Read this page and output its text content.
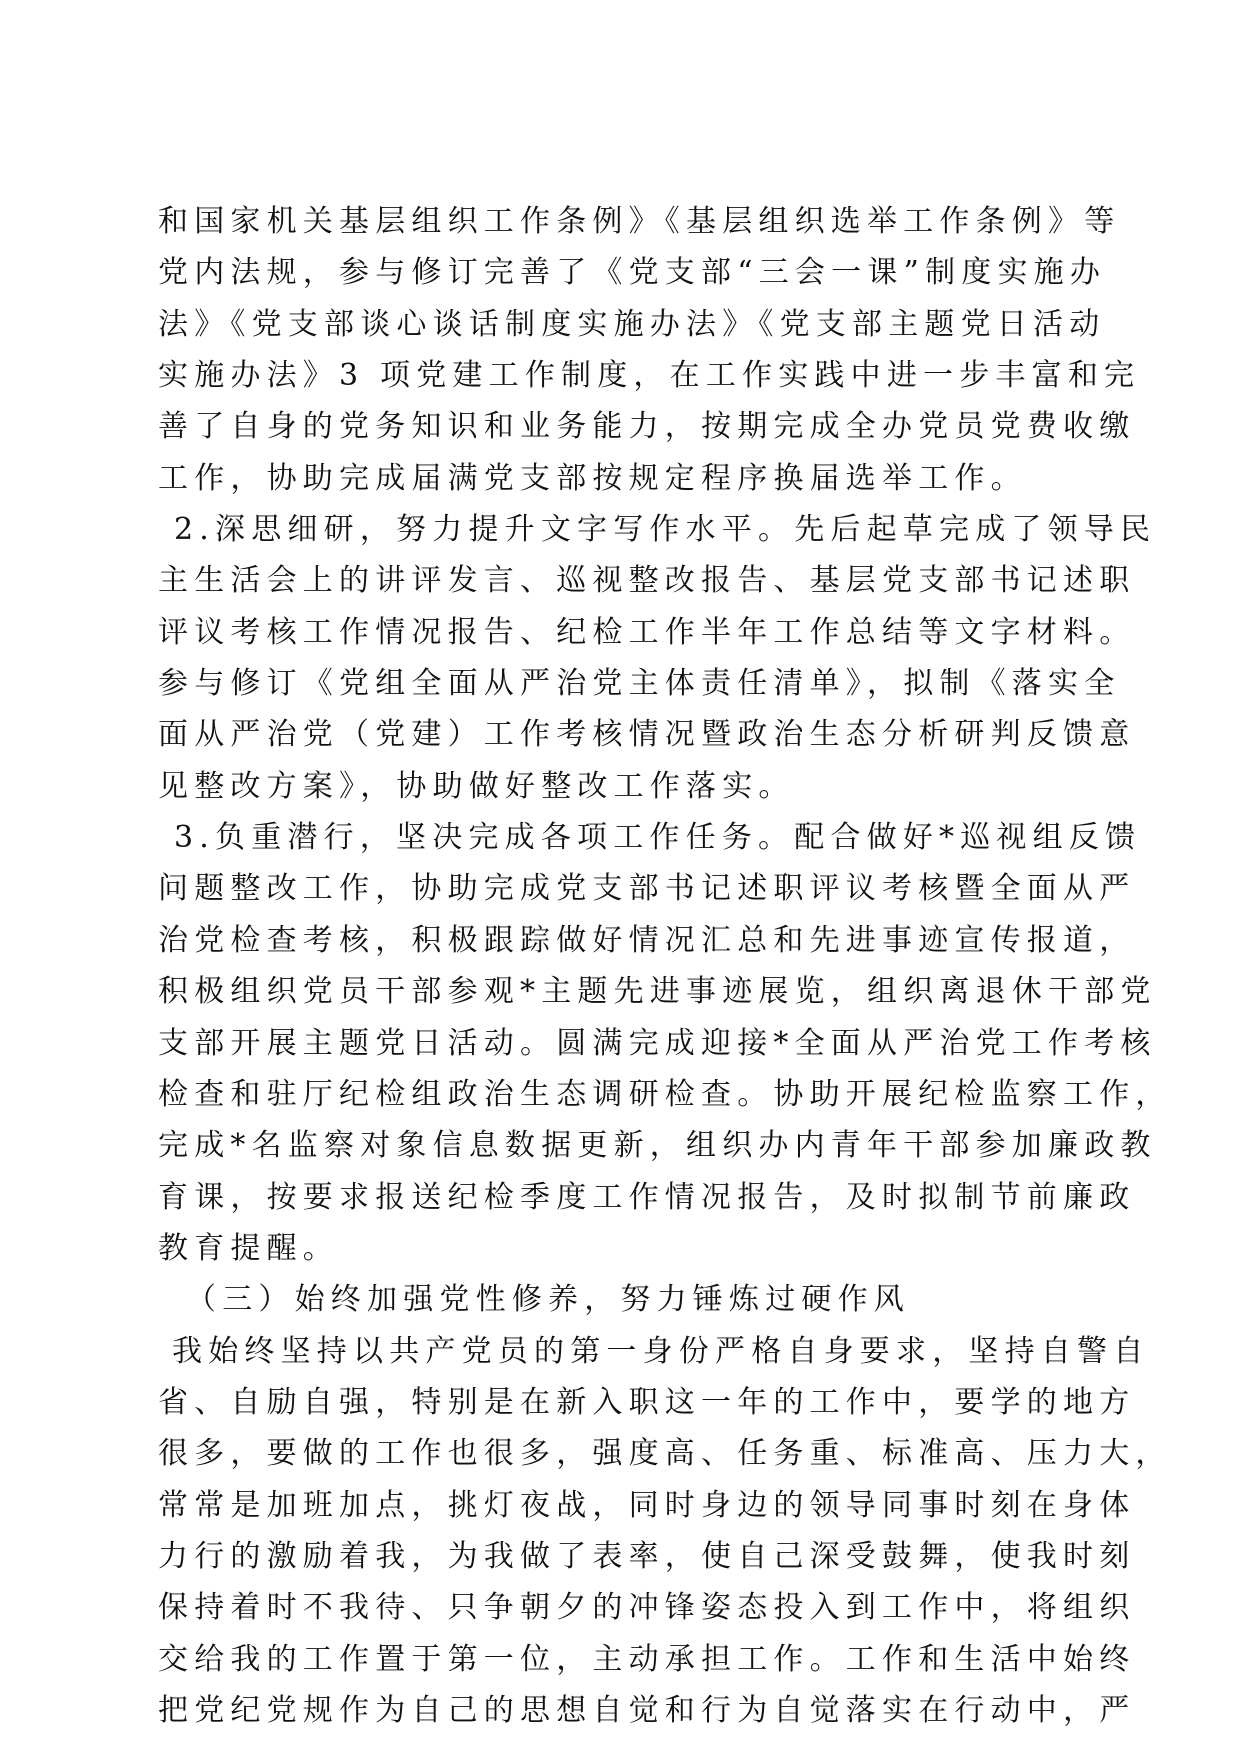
和国家机关基层组织工作条例》《基层组织选举工作条例》等
党内法规，参与修订完善了《党支部“三会一课”制度实施办
法》《党支部谈心谈话制度实施办法》《党支部主题党日活动
实施办法》3 项党建工作制度，在工作实践中进一步丰富和完
善了自身的党务知识和业务能力，按期完成全办党员党费收缴
工作，协助完成届满党支部按规定程序换届选举工作。
2.深思细研，努力提升文字写作水平。先后起草完成了领导民
主生活会上的讲评发言、巡视整改报告、基层党支部书记述职
评议考核工作情况报告、纪检工作半年工作总结等文字材料。
参与修订《党组全面从严治党主体责任清单》，拟制《落实全
面从严治党（党建）工作考核情况暨政治生态分析研判反馈意
见整改方案》，协助做好整改工作落实。
3.负重潜行，坚决完成各项工作任务。配合做好*巡视组反馈
问题整改工作，协助完成党支部书记述职评议考核暨全面从严
治党检查考核，积极跟踪做好情况汇总和先进事迹宣传报道，
积极组织党员干部参观*主题先进事迹展览，组织离退休干部党
支部开展主题党日活动。圆满完成迎接*全面从严治党工作考核
检查和驻厅纪检组政治生态调研检查。协助开展纪检监察工作，
完成*名监察对象信息数据更新，组织办内青年干部参加廉政教
育课，按要求报送纪检季度工作情况报告，及时拟制节前廉政
教育提醒。
（三）始终加强党性修养，努力锤炼过硬作风
我始终坚持以共产党员的第一身份严格自身要求，坚持自警自
省、自励自强，特别是在新入职这一年的工作中，要学的地方
很多，要做的工作也很多，强度高、任务重、标准高、压力大，
常常是加班加点，挑灯夜战，同时身边的领导同事时刻在身体
力行的激励着我，为我做了表率，使自己深受鼓舞，使我时刻
保持着时不我待、只争朝夕的冲锋姿态投入到工作中，将组织
交给我的工作置于第一位，主动承担工作。工作和生活中始终
把党纪党规作为自己的思想自觉和行为自觉落实在行动中，严
